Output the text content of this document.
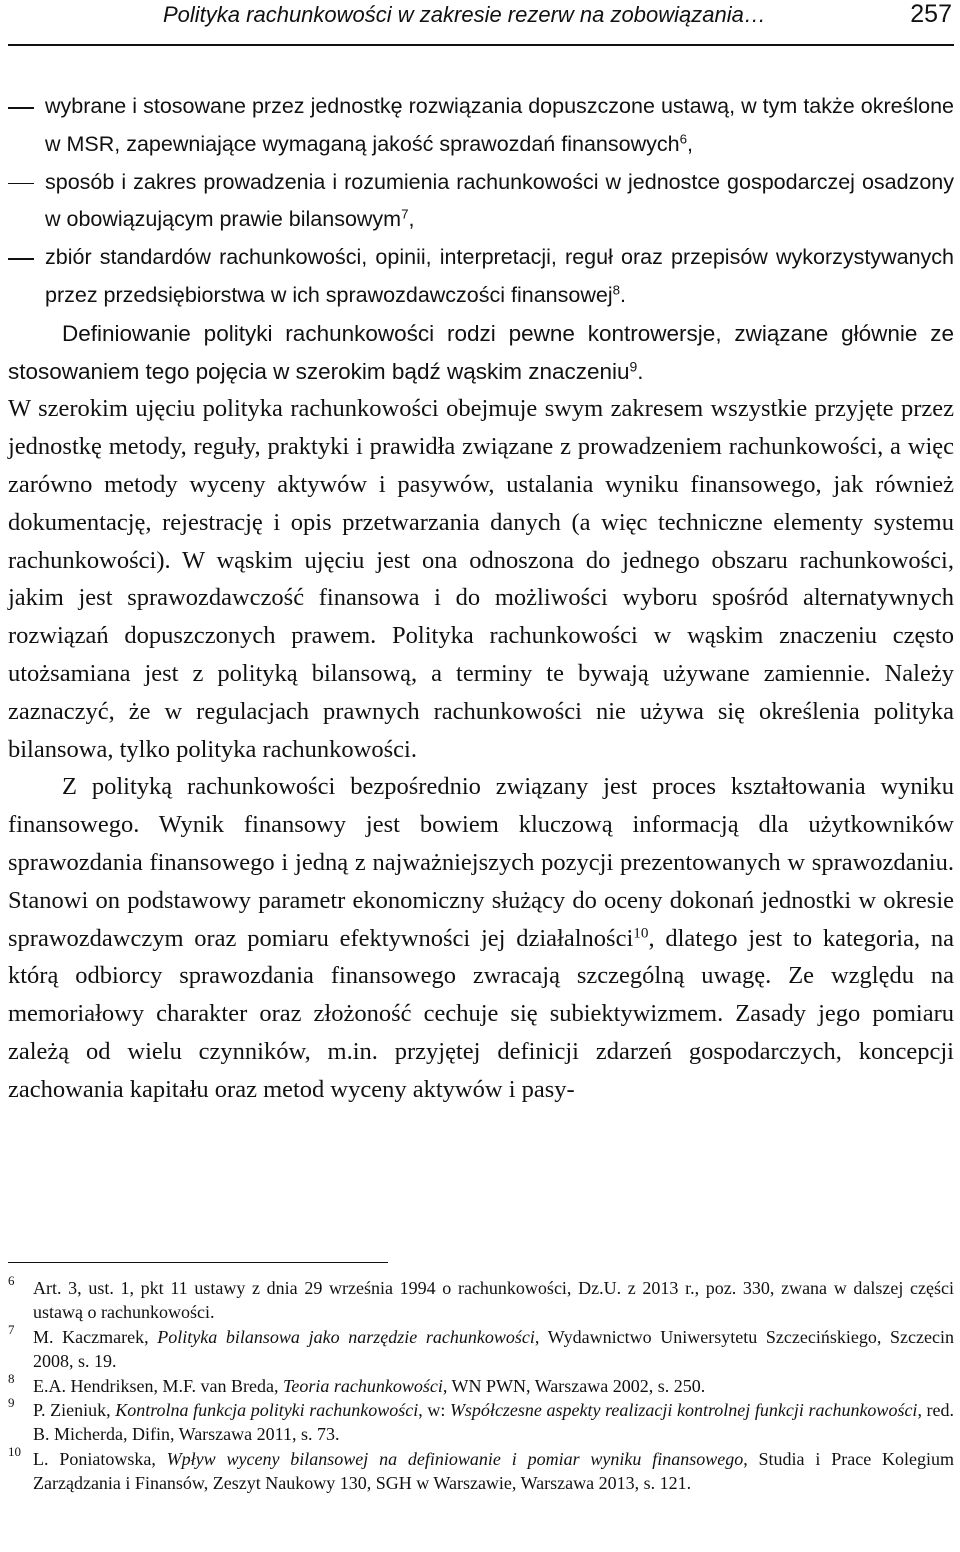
Polityka rachunkowości w zakresie rezerw na zobowiązania…	257
wybrane i stosowane przez jednostkę rozwiązania dopuszczone ustawą, w tym także określone w MSR, zapewniające wymaganą jakość sprawozdań finansowych$^6$,
sposób i zakres prowadzenia i rozumienia rachunkowości w jednostce gospodarczej osadzony w obowiązującym prawie bilansowym$^7$,
zbiór standardów rachunkowości, opinii, interpretacji, reguł oraz przepisów wykorzystywanych przez przedsiębiorstwa w ich sprawozdawczości finansowej$^8$.

Definiowanie polityki rachunkowości rodzi pewne kontrowersje, związane głównie ze stosowaniem tego pojęcia w szerokim bądź wąskim znaczeniu$^9$.

W szerokim ujęciu polityka rachunkowości obejmuje swym zakresem wszystkie przyjęte przez jednostkę metody, reguły, praktyki i prawidła związane z prowadzeniem rachunkowości, a więc zarówno metody wyceny aktywów i pasywów, ustalania wyniku finansowego, jak również dokumentację, rejestrację i opis przetwarzania danych (a więc techniczne elementy systemu rachunkowości). W wąskim ujęciu jest ona odnoszona do jednego obszaru rachunkowości, jakim jest sprawozdawczość finansowa i do możliwości wyboru spośród alternatywnych rozwiązań dopuszczonych prawem. Polityka rachunkowości w wąskim znaczeniu często utożsamiana jest z polityką bilansową, a terminy te bywają używane zamiennie. Należy zaznaczyć, że w regulacjach prawnych rachunkowości nie używa się określenia polityka bilansowa, tylko polityka rachunkowości.

Z polityką rachunkowości bezpośrednio związany jest proces kształtowania wyniku finansowego. Wynik finansowy jest bowiem kluczową informacją dla użytkowników sprawozdania finansowego i jedną z najważniejszych pozycji prezentowanych w sprawozdaniu. Stanowi on podstawowy parametr ekonomiczny służący do oceny dokonań jednostki w okresie sprawozdawczym oraz pomiaru efektywności jej działalności$^{10}$, dlatego jest to kategoria, na którą odbiorcy sprawozdania finansowego zwracają szczególną uwagę. Ze względu na memoriałowy charakter oraz złożoność cechuje się subiektywizmem. Zasady jego pomiaru zależą od wielu czynników, m.in. przyjętej definicji zdarzeń gospodarczych, koncepcji zachowania kapitału oraz metod wyceny aktywów i pasy-

6 Art. 3, ust. 1, pkt 11 ustawy z dnia 29 września 1994 o rachunkowości, Dz.U. z 2013 r., poz. 330, zwana w dalszej części ustawą o rachunkowości.
7 M. Kaczmarek, Polityka bilansowa jako narzędzie rachunkowości, Wydawnictwo Uniwersytetu Szczecińskiego, Szczecin 2008, s. 19.
8 E.A. Hendriksen, M.F. van Breda, Teoria rachunkowości, WN PWN, Warszawa 2002, s. 250.
9 P. Zieniuk, Kontrolna funkcja polityki rachunkowości, w: Współczesne aspekty realizacji kontrolnej funkcji rachunkowości, red. B. Micherda, Difin, Warszawa 2011, s. 73.
10 L. Poniatowska, Wpływ wyceny bilansowej na definiowanie i pomiar wyniku finansowego, Studia i Prace Kolegium Zarządzania i Finansów, Zeszyt Naukowy 130, SGH w Warszawie, Warszawa 2013, s. 121.
